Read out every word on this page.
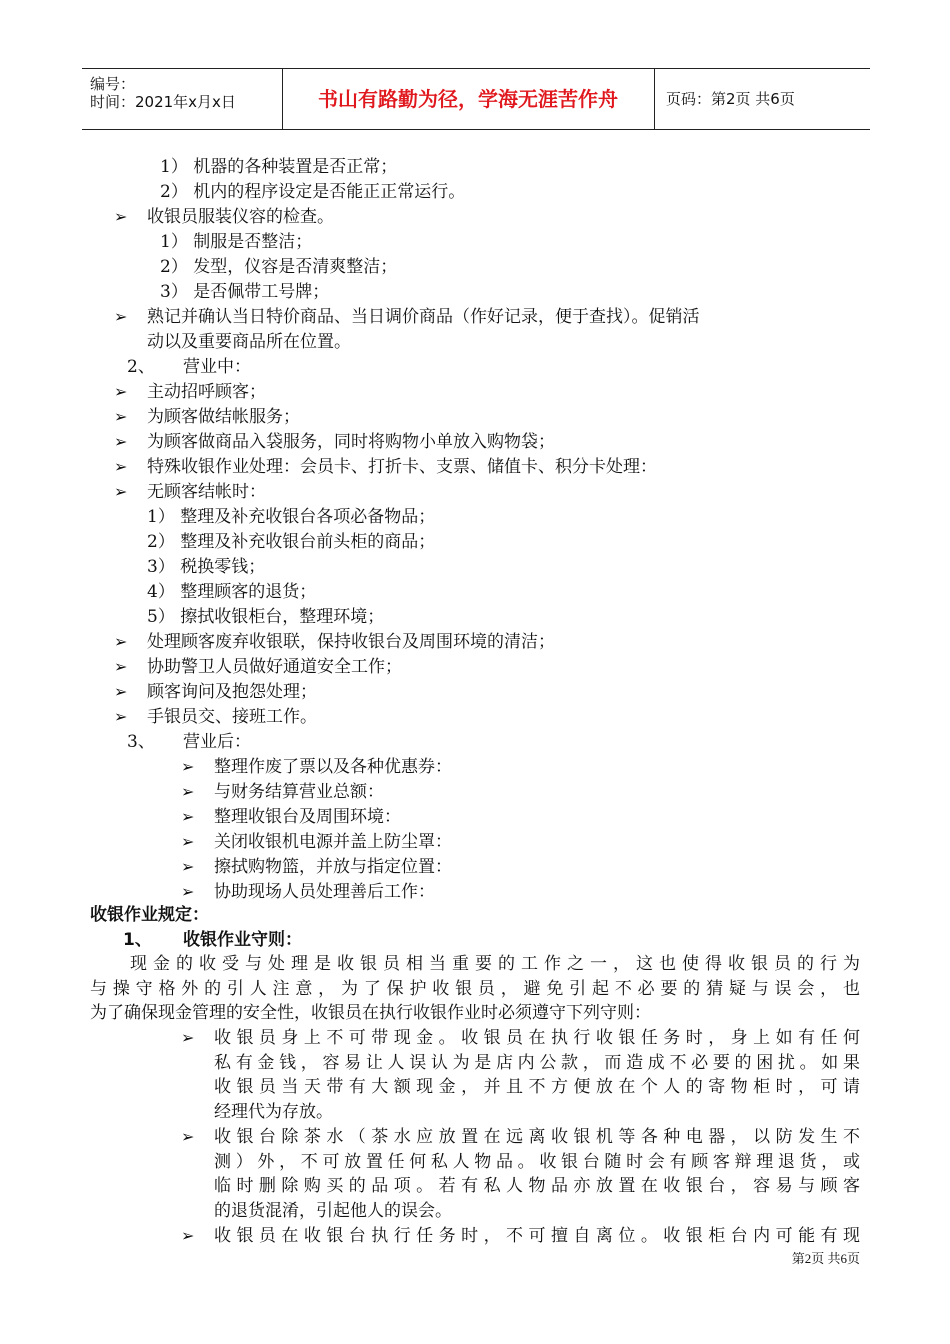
编号：
时间：2021年x月x日	书山有路勤为径，学海无涯苦作舟	页码：第2页 共6页
1） 机器的各种装置是否正常；
2） 机内的程序设定是否能正正常运行。
➢ 收银员服装仪容的检查。
1） 制服是否整洁；
2） 发型，仪容是否清爽整洁；
3） 是否佩带工号牌；
➢ 熟记并确认当日特价商品、当日调价商品（作好记录，便于查找）。促销活
动以及重要商品所在位置。
2、 营业中：
➢ 主动招呼顾客；
➢ 为顾客做结帐服务；
➢ 为顾客做商品入袋服务，同时将购物小单放入购物袋；
➢ 特殊收银作业处理：会员卡、打折卡、支票、储值卡、积分卡处理：
➢ 无顾客结帐时：
1） 整理及补充收银台各项必备物品；
2） 整理及补充收银台前头柜的商品；
3） 税换零钱；
4） 整理顾客的退货；
5） 擦拭收银柜台，整理环境；
➢ 处理顾客废弃收银联，保持收银台及周围环境的清洁；
➢ 协助警卫人员做好通道安全工作；
➢ 顾客询问及抱怨处理；
➢ 手银员交、接班工作。
3、 营业后：
➢ 整理作废了票以及各种优惠券：
➢ 与财务结算营业总额：
➢ 整理收银台及周围环境：
➢ 关闭收银机电源并盖上防尘罩：
➢ 擦拭购物篮，并放与指定位置：
➢ 协助现场人员处理善后工作：
收银作业规定：
1、 收银作业守则：
现金的收受与处理是收银员相当重要的工作之一，这也使得收银员的行为
与操守格外的引人注意，为了保护收银员，避免引起不必要的猜疑与误会，也
为了确保现金管理的安全性，收银员在执行收银作业时必须遵守下列守则：
➢ 收银员身上不可带现金。收银员在执行收银任务时，身上如有任何
私有金钱，容易让人误认为是店内公款，而造成不必要的困扰。如果
收银员当天带有大额现金，并且不方便放在个人的寄物柜时，可请
经理代为存放。
➢ 收银台除茶水（茶水应放置在远离收银机等各种电器，以防发生不
测）外，不可放置任何私人物品。收银台随时会有顾客辩理退货，或
临时删除购买的品项。若有私人物品亦放置在收银台，容易与顾客
的退货混淆，引起他人的误会。
➢ 收银员在收银台执行任务时，不可擅自离位。收银柜台内可能有现
第2页 共6页
